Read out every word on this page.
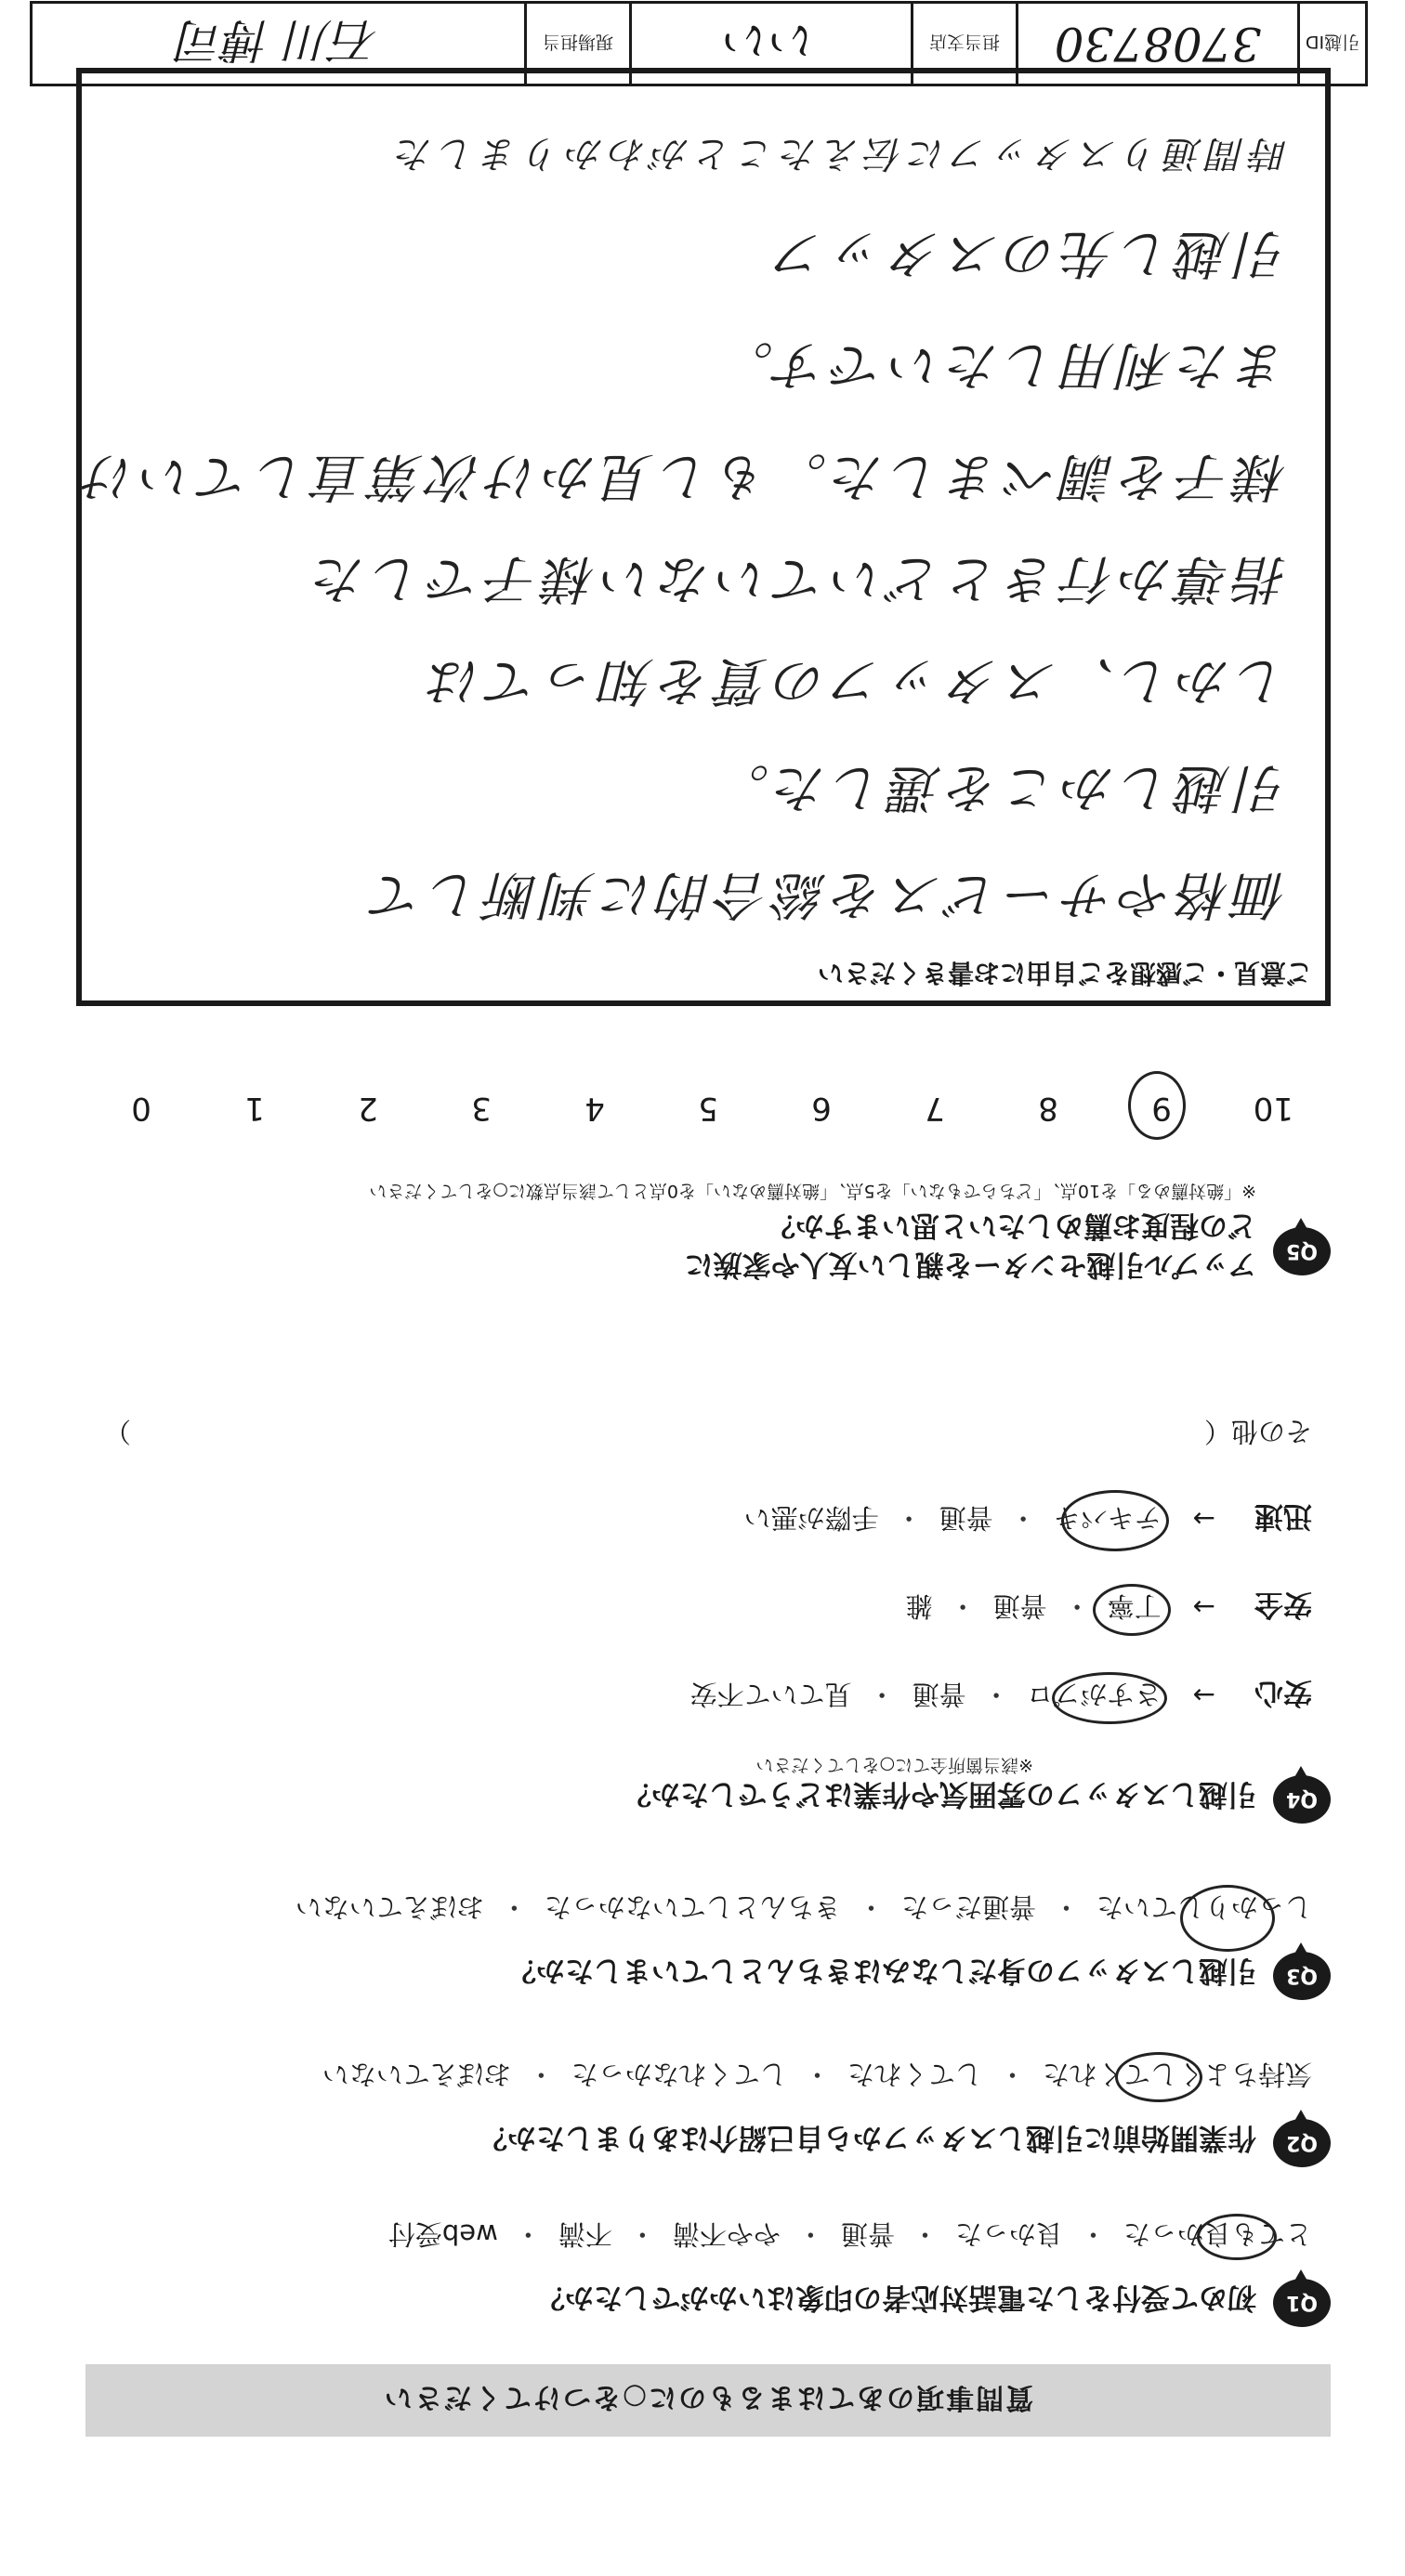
質問事項のあてはまるものに○をつけてください
Q1
初めて受付をした電話対応者の印象はいかがでしたか？
とても良かった
・
良かった
・
普通
・
やや不満
・
不満
・
web受付
Q2
作業開始前に引越しスタッフから自己紹介はありましたか？
気持ちよくしてくれた
・
してくれた
・
してくれなかった
・
おぼえていない
Q3
引越しスタッフの身だしなみはきちんとしていましたか？
しっかりしていた
・
普通だった
・
きちんとしていなかった
・
おぼえていない
Q4
引越しスタッフの雰囲気や作業はどうでしたか？
※該当箇所全てに○をしてください
安心
→
さすがプロ
・
普通
・
見ていて不安
安全
→
丁寧
・
普通
・
雑
迅速
→
テキパキ
・
普通
・
手際が悪い
その他（
）
Q5
アップル引越センターを親しい友人や家族に
どの程度お薦めしたいと思いますか？
※「絶対薦める」を10点、「どちらでもない」を5点、「絶対薦めない」を0点として該当点数に○をしてください
10
9
8
7
6
5
4
3
2
1
0
ご意見・ご感想をご自由にお書きください
価格やサービスを総合的に判断して
引越しかこを選した。
しかし、スタッフの質を知っては
指導か行きとどいていない様子でした
様子を調べました。もし見かけ次第直していけ
また利用したいです。
引越し先のスタッフ
時間通りスタッフに伝えたことがわかりました
引越ID
3708730
担当支店
いい
現場担当
石川 博司
